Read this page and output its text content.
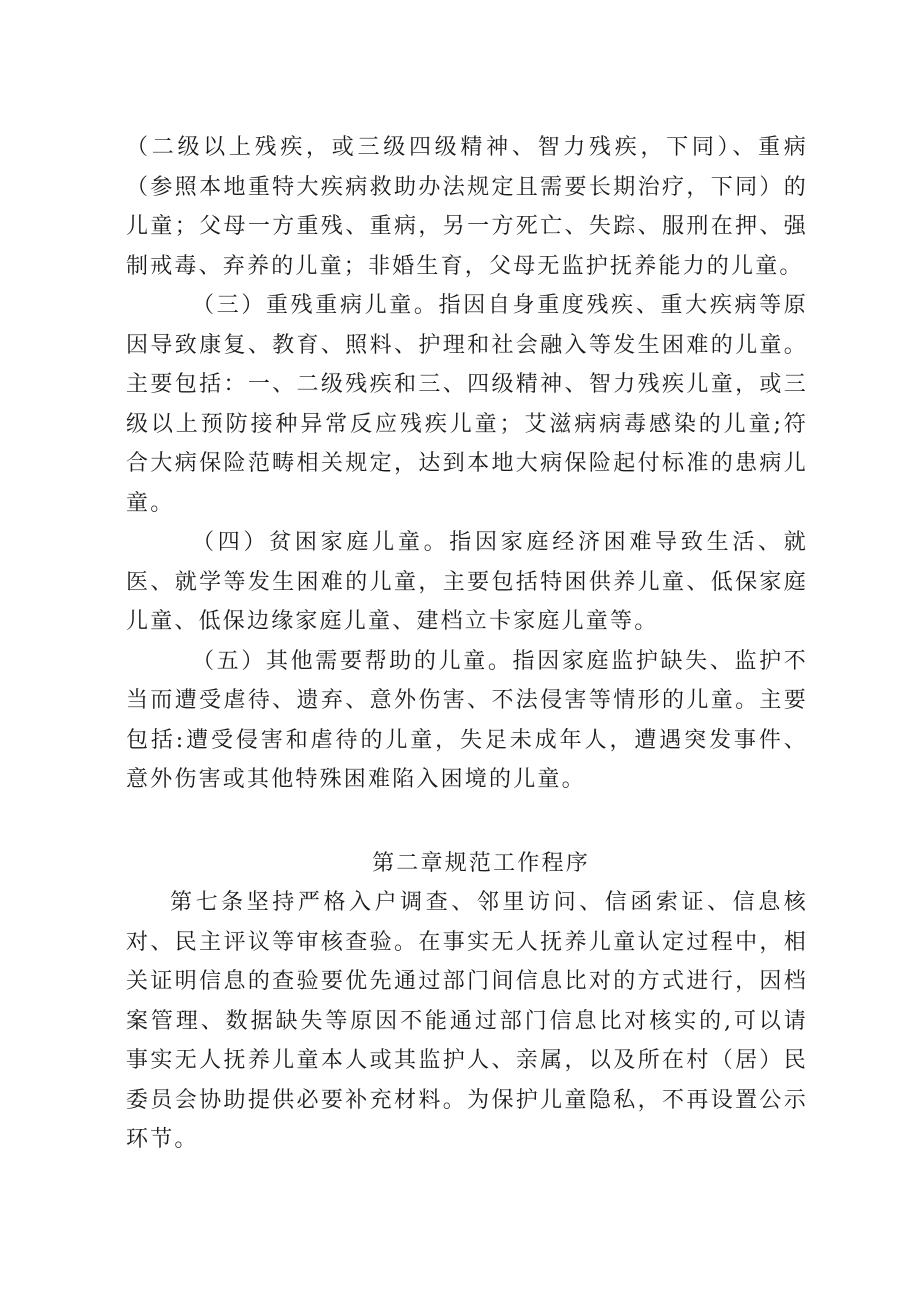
（二级以上残疾，或三级四级精神、智力残疾，下同）、重病（参照本地重特大疾病救助办法规定且需要长期治疗，下同）的儿童；父母一方重残、重病，另一方死亡、失踪、服刑在押、强制戒毒、弃养的儿童；非婚生育，父母无监护抚养能力的儿童。

（三）重残重病儿童。指因自身重度残疾、重大疾病等原因导致康复、教育、照料、护理和社会融入等发生困难的儿童。主要包括：一、二级残疾和三、四级精神、智力残疾儿童，或三级以上预防接种异常反应残疾儿童；艾滋病病毒感染的儿童;符合大病保险范畴相关规定，达到本地大病保险起付标准的患病儿童。

（四）贫困家庭儿童。指因家庭经济困难导致生活、就医、就学等发生困难的儿童，主要包括特困供养儿童、低保家庭儿童、低保边缘家庭儿童、建档立卡家庭儿童等。

（五）其他需要帮助的儿童。指因家庭监护缺失、监护不当而遭受虐待、遗弃、意外伤害、不法侵害等情形的儿童。主要包括:遭受侵害和虐待的儿童，失足未成年人，遭遇突发事件、意外伤害或其他特殊困难陷入困境的儿童。

第二章规范工作程序

第七条坚持严格入户调查、邻里访问、信函索证、信息核对、民主评议等审核查验。在事实无人抚养儿童认定过程中，相关证明信息的查验要优先通过部门间信息比对的方式进行，因档案管理、数据缺失等原因不能通过部门信息比对核实的,可以请事实无人抚养儿童本人或其监护人、亲属，以及所在村（居）民委员会协助提供必要补充材料。为保护儿童隐私，不再设置公示环节。
